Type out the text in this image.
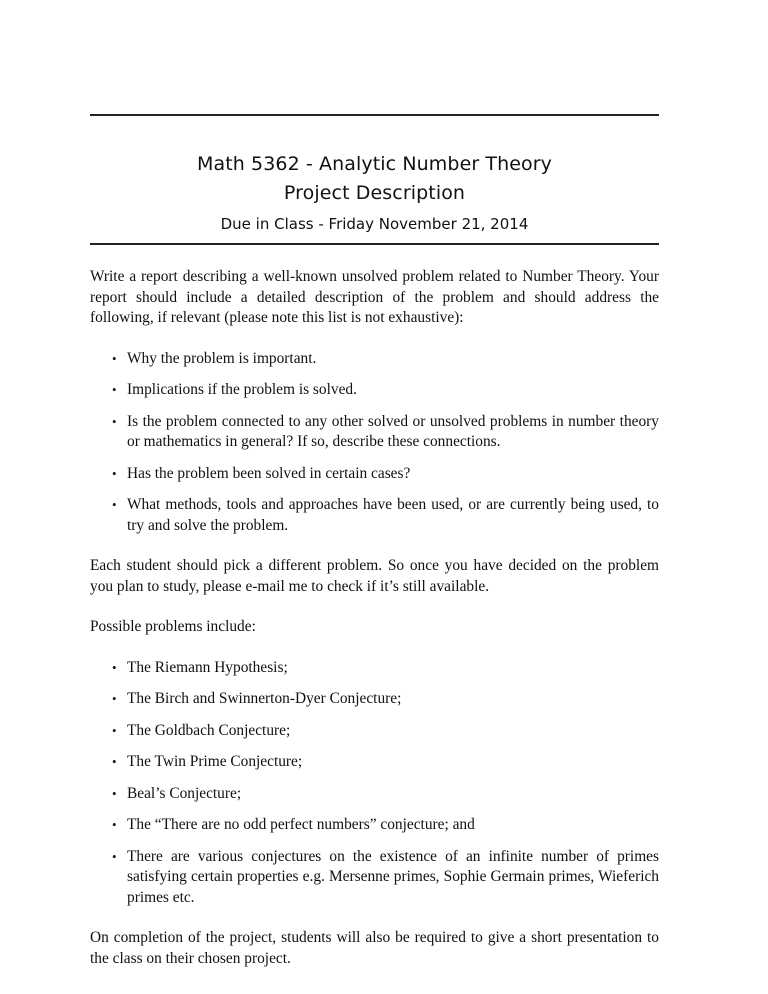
Math 5362 - Analytic Number Theory
Project Description
Due in Class - Friday November 21, 2014

Write a report describing a well-known unsolved problem related to Number Theory. Your report should include a detailed description of the problem and should address the following, if relevant (please note this list is not exhaustive):

• Why the problem is important.
• Implications if the problem is solved.
• Is the problem connected to any other solved or unsolved problems in number theory or mathematics in general? If so, describe these connections.
• Has the problem been solved in certain cases?
• What methods, tools and approaches have been used, or are currently being used, to try and solve the problem.

Each student should pick a different problem. So once you have decided on the problem you plan to study, please e-mail me to check if it’s still available.

Possible problems include:

• The Riemann Hypothesis;
• The Birch and Swinnerton-Dyer Conjecture;
• The Goldbach Conjecture;
• The Twin Prime Conjecture;
• Beal’s Conjecture;
• The “There are no odd perfect numbers” conjecture; and
• There are various conjectures on the existence of an infinite number of primes satisfying certain properties e.g. Mersenne primes, Sophie Germain primes, Wieferich primes etc.

On completion of the project, students will also be required to give a short presentation to the class on their chosen project.
